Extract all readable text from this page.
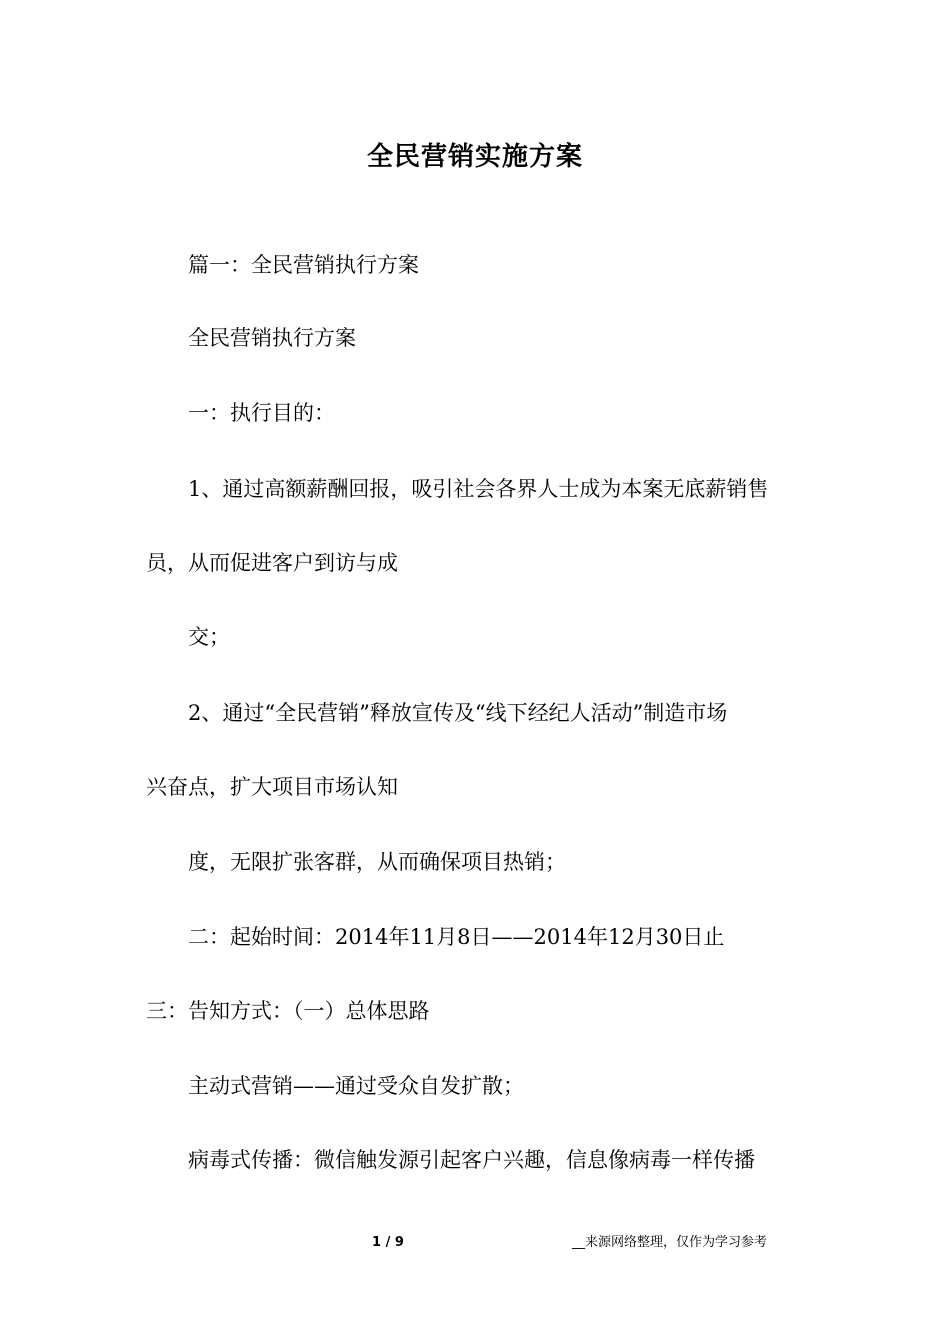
全民营销实施方案
篇一：全民营销执行方案
全民营销执行方案
一：执行目的：
1、通过高额薪酬回报，吸引社会各界人士成为本案无底薪销售
员，从而促进客户到访与成
交；
2、通过“全民营销”释放宣传及“线下经纪人活动”制造市场
兴奋点，扩大项目市场认知
度，无限扩张客群，从而确保项目热销；
二：起始时间：2014年11月8日——2014年12月30日止
三：告知方式：（一）总体思路
主动式营销——通过受众自发扩散；
病毒式传播：微信触发源引起客户兴趣，信息像病毒一样传播
1 / 9	__来源网络整理，仅作为学习参考
